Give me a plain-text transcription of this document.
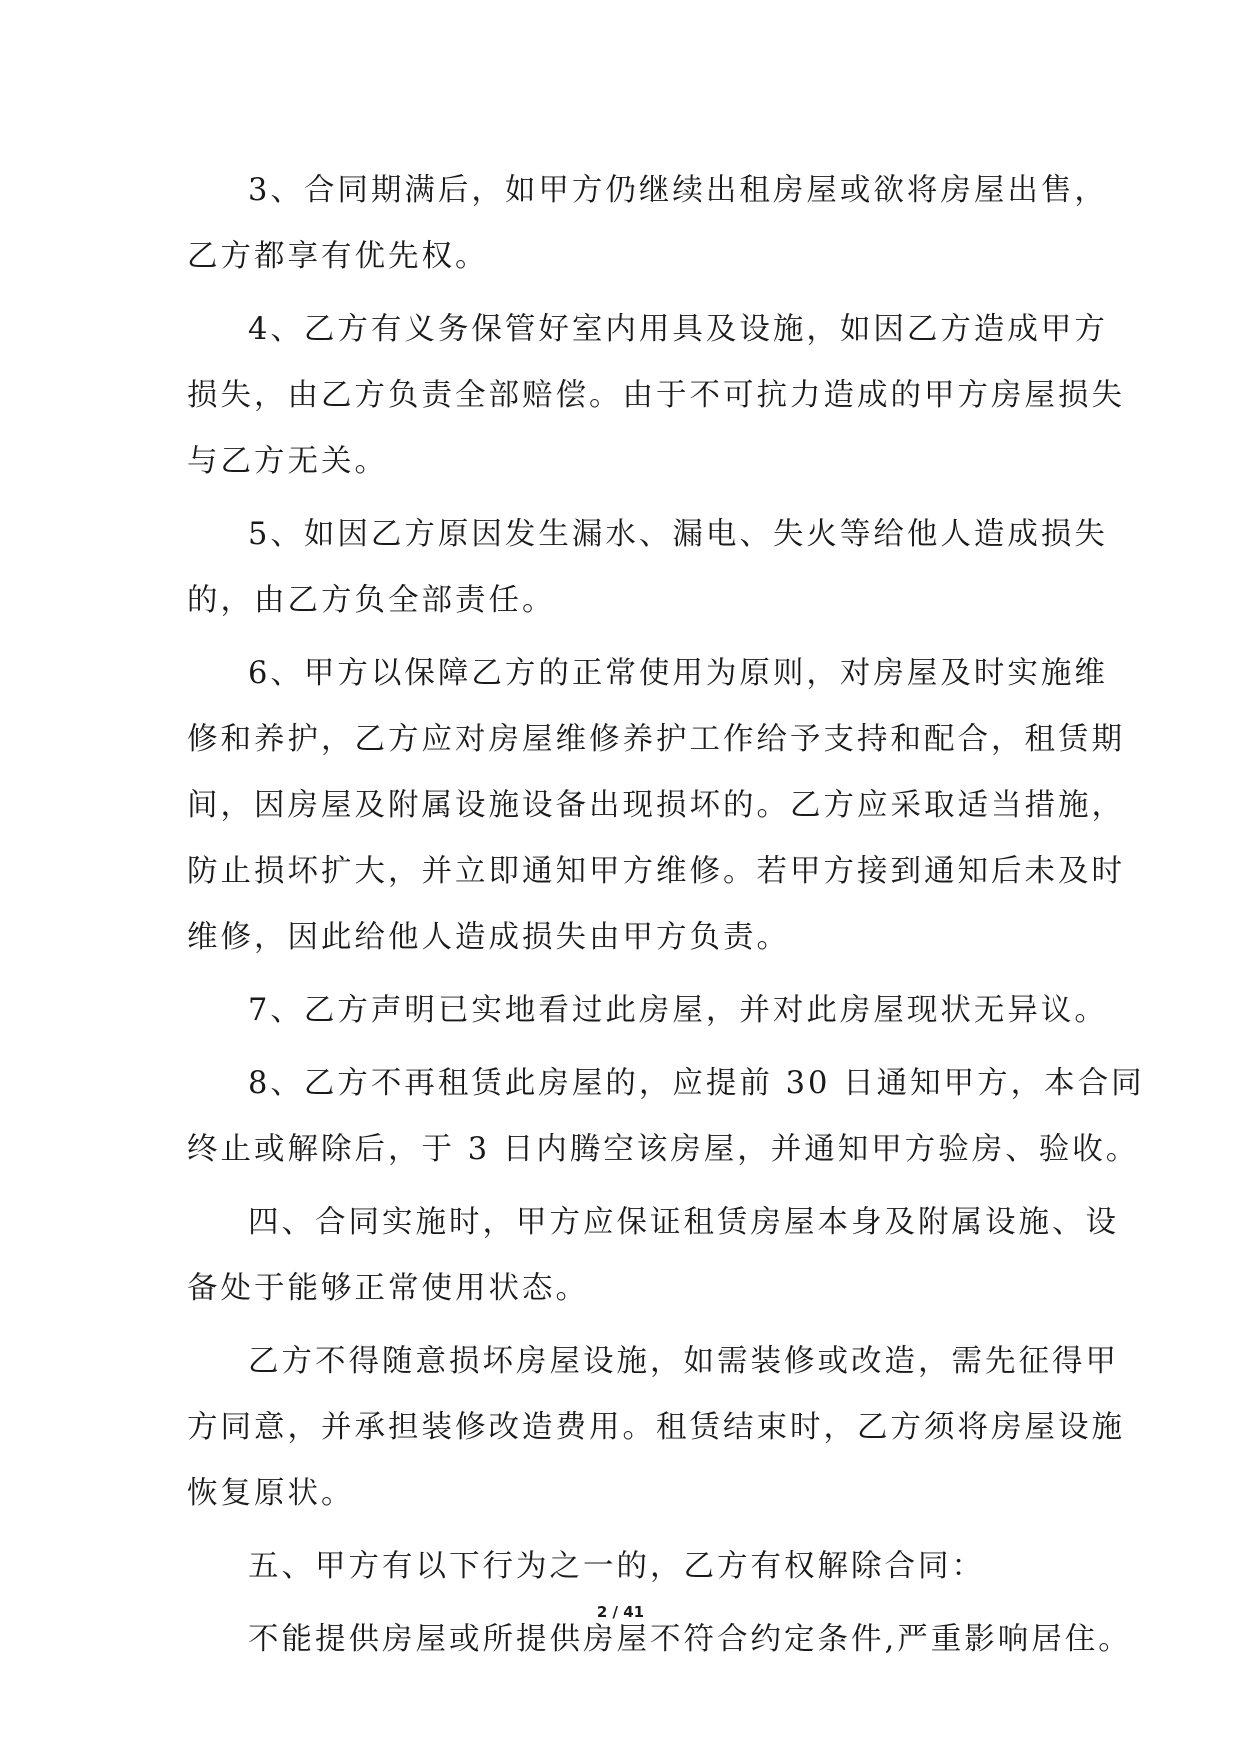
3、合同期满后，如甲方仍继续出租房屋或欲将房屋出售，
乙方都享有优先权。

4、乙方有义务保管好室内用具及设施，如因乙方造成甲方
损失，由乙方负责全部赔偿。由于不可抗力造成的甲方房屋损失
与乙方无关。

5、如因乙方原因发生漏水、漏电、失火等给他人造成损失
的，由乙方负全部责任。

6、甲方以保障乙方的正常使用为原则，对房屋及时实施维
修和养护，乙方应对房屋维修养护工作给予支持和配合，租赁期
间，因房屋及附属设施设备出现损坏的。乙方应采取适当措施，
防止损坏扩大，并立即通知甲方维修。若甲方接到通知后未及时
维修，因此给他人造成损失由甲方负责。

7、乙方声明已实地看过此房屋，并对此房屋现状无异议。

8、乙方不再租赁此房屋的，应提前 30 日通知甲方，本合同
终止或解除后，于 3 日内腾空该房屋，并通知甲方验房、验收。

四、合同实施时，甲方应保证租赁房屋本身及附属设施、设
备处于能够正常使用状态。

乙方不得随意损坏房屋设施，如需装修或改造，需先征得甲
方同意，并承担装修改造费用。租赁结束时，乙方须将房屋设施
恢复原状。

五、甲方有以下行为之一的，乙方有权解除合同：

不能提供房屋或所提供房屋不符合约定条件,严重影响居住。

2 / 41
